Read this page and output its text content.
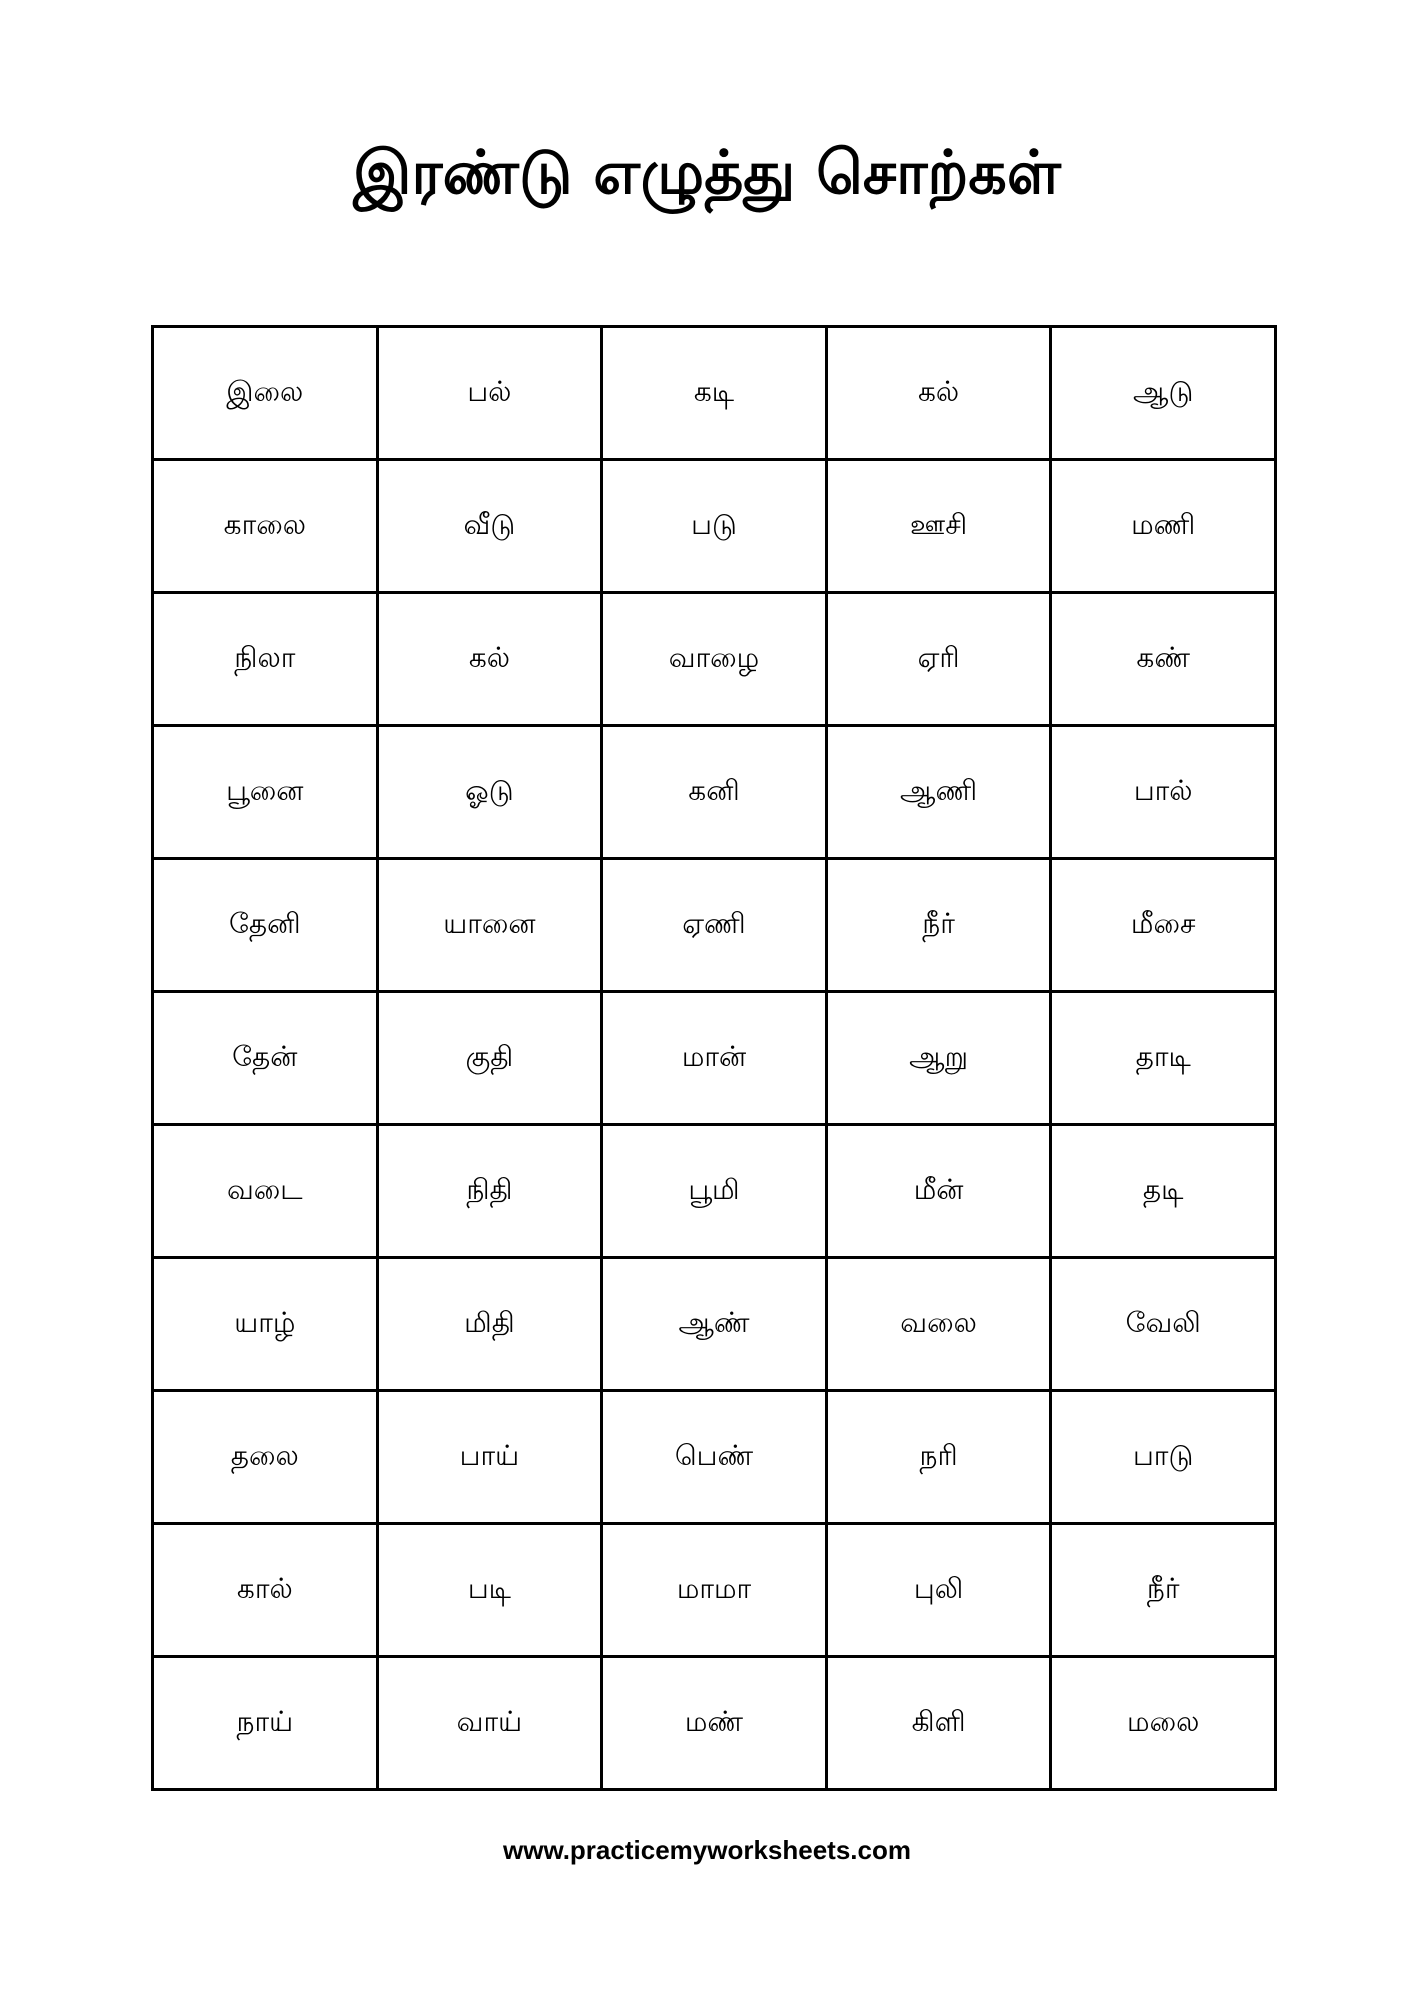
இரண்டு எழுத்து சொற்கள்
இலை	பல்	கடி	கல்	ஆடு
காலை	வீடு	படு	ஊசி	மணி
நிலா	கல்	வாழை	ஏரி	கண்
பூனை	ஓடு	கனி	ஆணி	பால்
தேனி	யானை	ஏணி	நீர்	மீசை
தேன்	குதி	மான்	ஆறு	தாடி
வடை	நிதி	பூமி	மீன்	தடி
யாழ்	மிதி	ஆண்	வலை	வேலி
தலை	பாய்	பெண்	நரி	பாடு
கால்	படி	மாமா	புலி	நீர்
நாய்	வாய்	மண்	கிளி	மலை
www.practicemyworksheets.com
